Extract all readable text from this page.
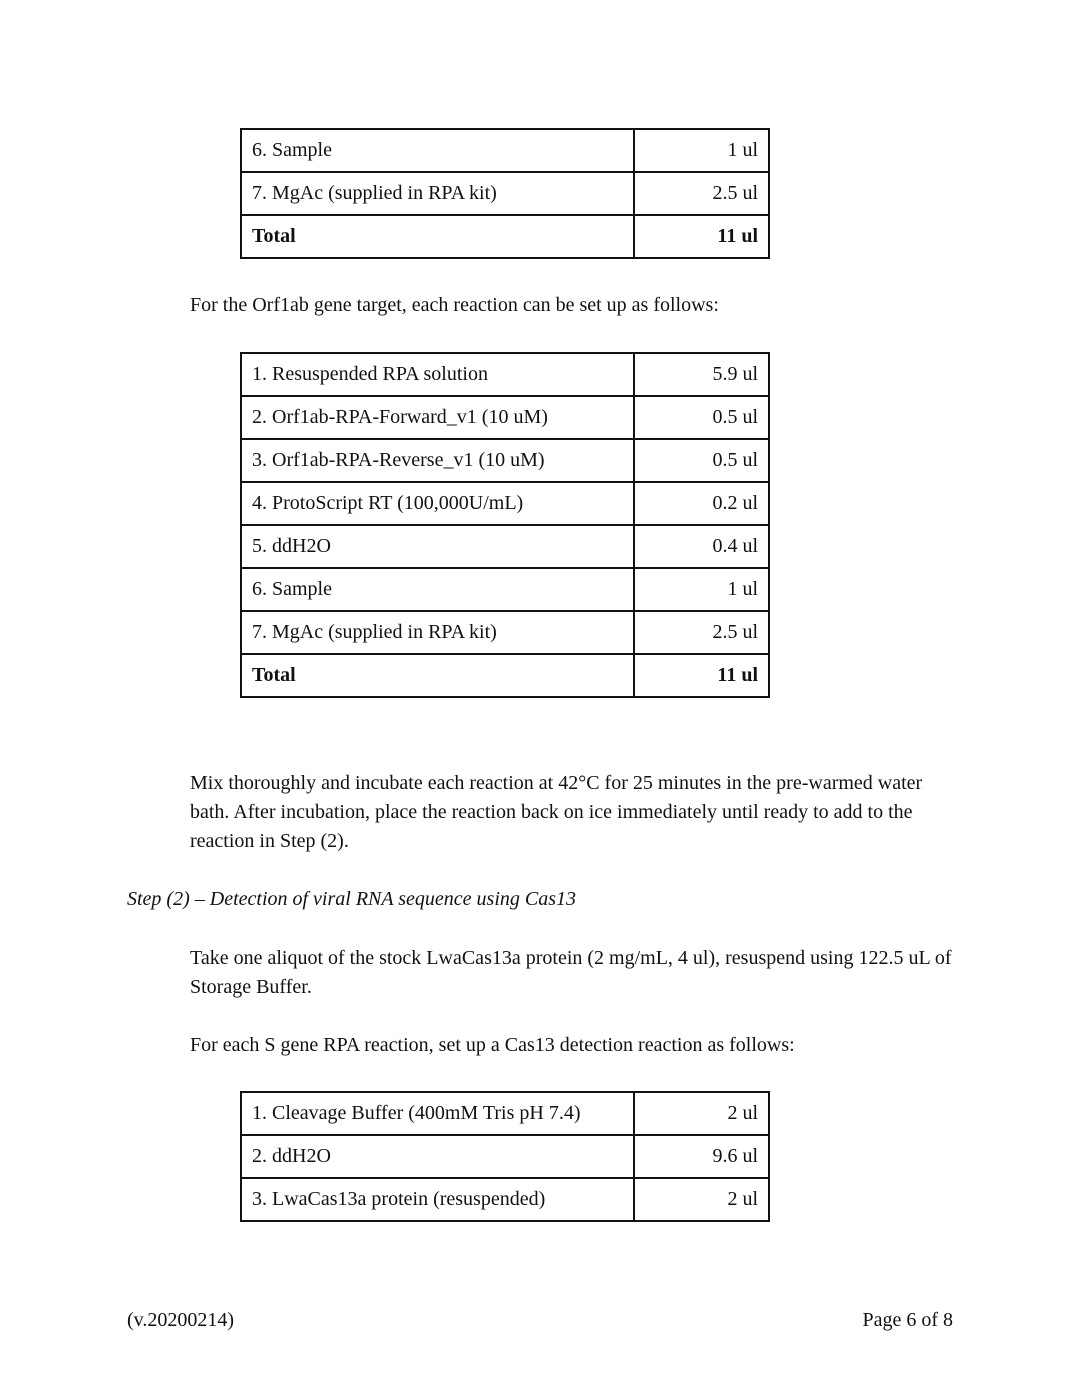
6. Sample	1 ul
7. MgAc (supplied in RPA kit)	2.5 ul
Total	11 ul

For the Orf1ab gene target, each reaction can be set up as follows:

1. Resuspended RPA solution	5.9 ul
2. Orf1ab-RPA-Forward_v1 (10 uM)	0.5 ul
3. Orf1ab-RPA-Reverse_v1 (10 uM)	0.5 ul
4. ProtoScript RT (100,000U/mL)	0.2 ul
5. ddH2O	0.4 ul
6. Sample	1 ul
7. MgAc (supplied in RPA kit)	2.5 ul
Total	11 ul

Mix thoroughly and incubate each reaction at 42°C for 25 minutes in the pre-warmed water bath. After incubation, place the reaction back on ice immediately until ready to add to the reaction in Step (2).

Step (2) – Detection of viral RNA sequence using Cas13

Take one aliquot of the stock LwaCas13a protein (2 mg/mL, 4 ul), resuspend using 122.5 uL of Storage Buffer.

For each S gene RPA reaction, set up a Cas13 detection reaction as follows:

1. Cleavage Buffer (400mM Tris pH 7.4)	2 ul
2. ddH2O	9.6 ul
3. LwaCas13a protein (resuspended)	2 ul

(v.20200214)	Page 6 of 8
